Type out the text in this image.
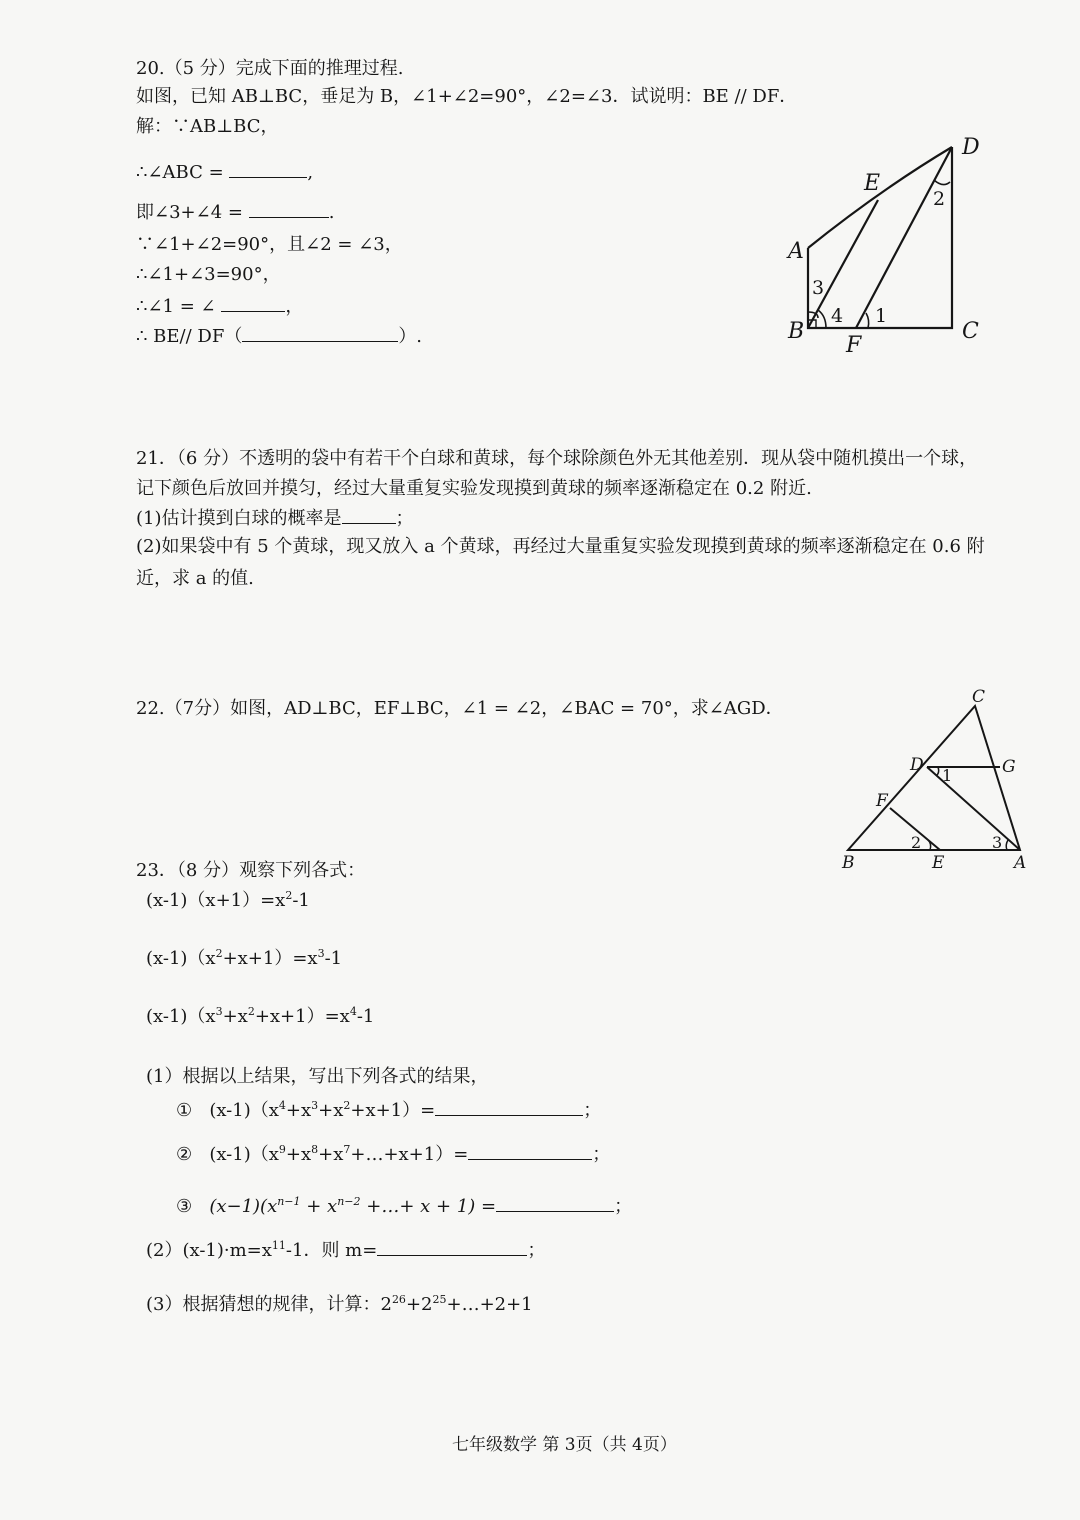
20.（5 分）完成下面的推理过程.
如图，已知 AB⊥BC，垂足为 B，∠1+∠2=90°，∠2=∠3．试说明：BE // DF．
解：∵AB⊥BC，
∴∠ABC =	,
即∠3+∠4 =	.
∵∠1+∠2=90°，且∠2 = ∠3，
∴∠1+∠3=90°，
∴∠1 = ∠	，
∴ BE// DF（	）.
D
E
A
B
F
C
2
3
4 1
21．（6 分）不透明的袋中有若干个白球和黄球，每个球除颜色外无其他差别．现从袋中随机摸出一个球，
记下颜色后放回并摸匀，经过大量重复实验发现摸到黄球的频率逐渐稳定在 0.2 附近.
(1)估计摸到白球的概率是	；
(2)如果袋中有 5 个黄球，现又放入 a 个黄球，再经过大量重复实验发现摸到黄球的频率逐渐稳定在 0.6 附
近，求 a 的值.
22.（7分）如图，AD⊥BC，EF⊥BC，∠1 = ∠2，∠BAC = 70°，求∠AGD．
C
D	G
F
B	E	A
1
2	3
23．（8 分）观察下列各式：
$(x-1)(x+1)=x^2-1$
$(x-1)(x^2+x+1)=x^3-1$
$(x-1)(x^3+x^2+x+1)=x^4-1$
(1）根据以上结果，写出下列各式的结果，
① $(x-1)(x^4+x^3+x^2+x+1)=$	；
② $(x-1)(x^9+x^8+x^7+\dots+x+1)=$	；
③ $(x-1)(x^{n-1} + x^{n-2}$ +…+ x + 1) =	；
$(2)(x-1)\cdot m=x^{11}-1$．则 m=	；
(3）根据猜想的规律，计算：$2^{26}+2^{25}+\dots+2+1$
七年级数学 第 3页（共 4页）
